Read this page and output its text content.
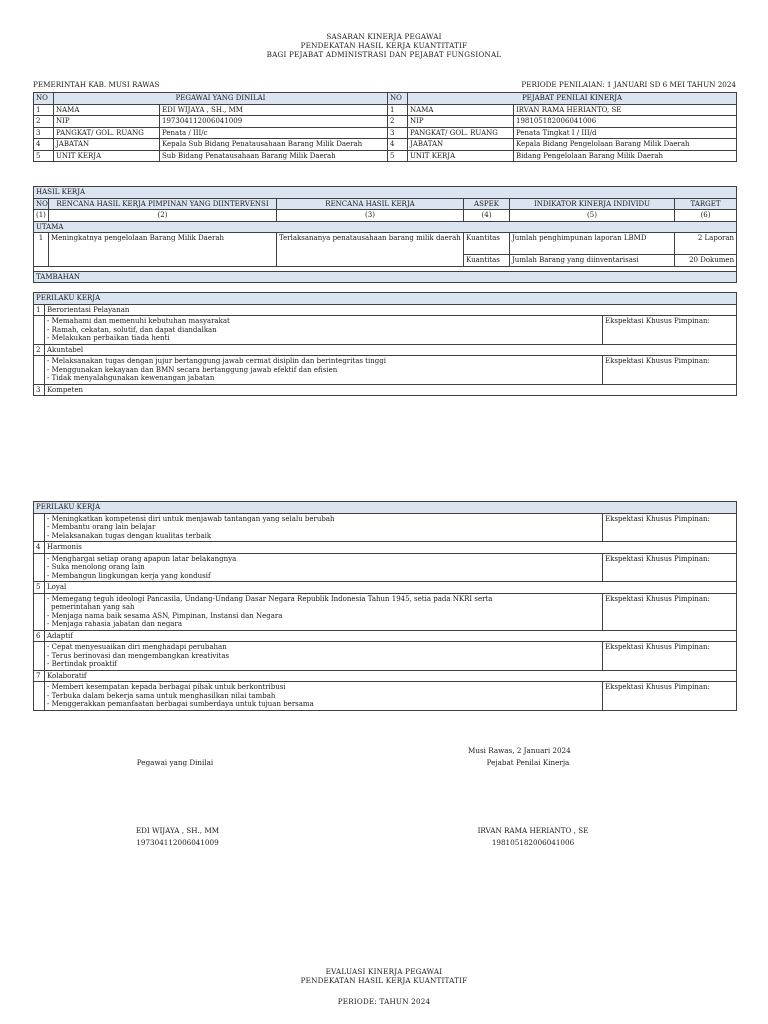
SASARAN KINERJA PEGAWAI
PENDEKATAN HASIL KERJA KUANTITATIF
BAGI PEJABAT ADMINISTRASI DAN PEJABAT FUNGSIONAL
PEMERINTAH KAB. MUSI RAWAS	PERIODE PENILAIAN: 1 JANUARI SD 6 MEI TAHUN 2024
NO	PEGAWAI YANG DINILAI		NO	PEJABAT PENILAI KINERJA	
1	NAMA	EDI WIJAYA , SH., MM	1	NAMA	IRVAN RAMA HERIANTO, SE
2	NIP	197304112006041009	2	NIP	198105182006041006
3	PANGKAT/ GOL. RUANG	Penata / III/c	3	PANGKAT/ GOL. RUANG	Penata Tingkat I / III/d
4	JABATAN	Kepala Sub Bidang Penatausahaan Barang Milik Daerah	4	JABATAN	Kepala Bidang Pengelolaan Barang Milik Daerah
5	UNIT KERJA	Sub Bidang Penatausahaan Barang Milik Daerah	5	UNIT KERJA	Bidang Pengelolaan Barang Milik Daerah
HASIL KERJA					
NO	RENCANA HASIL KERJA PIMPINAN YANG DIINTERVENSI	RENCANA HASIL KERJA	ASPEK	INDIKATOR KINERJA INDIVIDU	TARGET
(1)	(2)	(3)	(4)	(5)	(6)
UTAMA					
1	Meningkatnya pengelolaan Barang Milik Daerah	Terlaksananya penatausahaan barang milik daerah	Kuantitas	Jumlah penghimpunan laporan LBMD	2 Laporan
			Kuantitas	Jumlah Barang yang diinventarisasi	20 Dokumen

TAMBAHAN					
PERILAKU KERJA		
1	Berorientasi Pelayanan	

	- Memahami dan memenuhi kebutuhan masyarakat
- Ramah, cekatan, solutif, dan dapat diandalkan
- Melakukan perbaikan tiada henti	Ekspektasi Khusus Pimpinan:
2	Akuntabel	

	- Melaksanakan tugas dengan jujur bertanggung jawab cermat disiplin dan berintegritas tinggi
- Menggunakan kekayaan dan BMN secara bertanggung jawab efektif dan efisien
- Tidak menyalahgunakan kewenangan jabatan	Ekspektasi Khusus Pimpinan:
3	Kompeten	
PERILAKU KERJA		

	- Meningkatkan kompetensi diri untuk menjawab tantangan yang selalu berubah
- Membantu orang lain belajar
- Melaksanakan tugas dengan kualitas terbaik	Ekspektasi Khusus Pimpinan:
4	Harmonis	

	- Menghargai setiap orang apapun latar belakangnya
- Suka menolong orang lain
- Membangun lingkungan kerja yang kondusif	Ekspektasi Khusus Pimpinan:
5	Loyal	

	- Memegang teguh ideologi Pancasila, Undang-Undang Dasar Negara Republik Indonesia Tahun 1945, setia pada NKRI serta
pemerintahan yang sah
- Menjaga nama baik sesama ASN, Pimpinan, Instansi dan Negara
- Menjaga rahasia jabatan dan negara	Ekspektasi Khusus Pimpinan:
6	Adaptif	

	- Cepat menyesuaikan diri menghadapi perubahan
- Terus berinovasi dan mengembangkan kreativitas
- Bertindak proaktif	Ekspektasi Khusus Pimpinan:
7	Kolaboratif	

	- Memberi kesempatan kepada berbagai pihak untuk berkontribusi
- Terbuka dalam bekerja sama untuk menghasilkan nilai tambah
- Menggerakkan pemanfaatan berbagai sumberdaya untuk tujuan bersama	Ekspektasi Khusus Pimpinan:
Musi Rawas, 2 Januari 2024
Pegawai yang Dinilai	Pejabat Penilai Kinerja
EDI WIJAYA , SH., MM
197304112006041009
IRVAN RAMA HERIANTO , SE
198105182006041006
EVALUASI KINERJA PEGAWAI
PENDEKATAN HASIL KERJA KUANTITATIF
PERIODE: TAHUN 2024
